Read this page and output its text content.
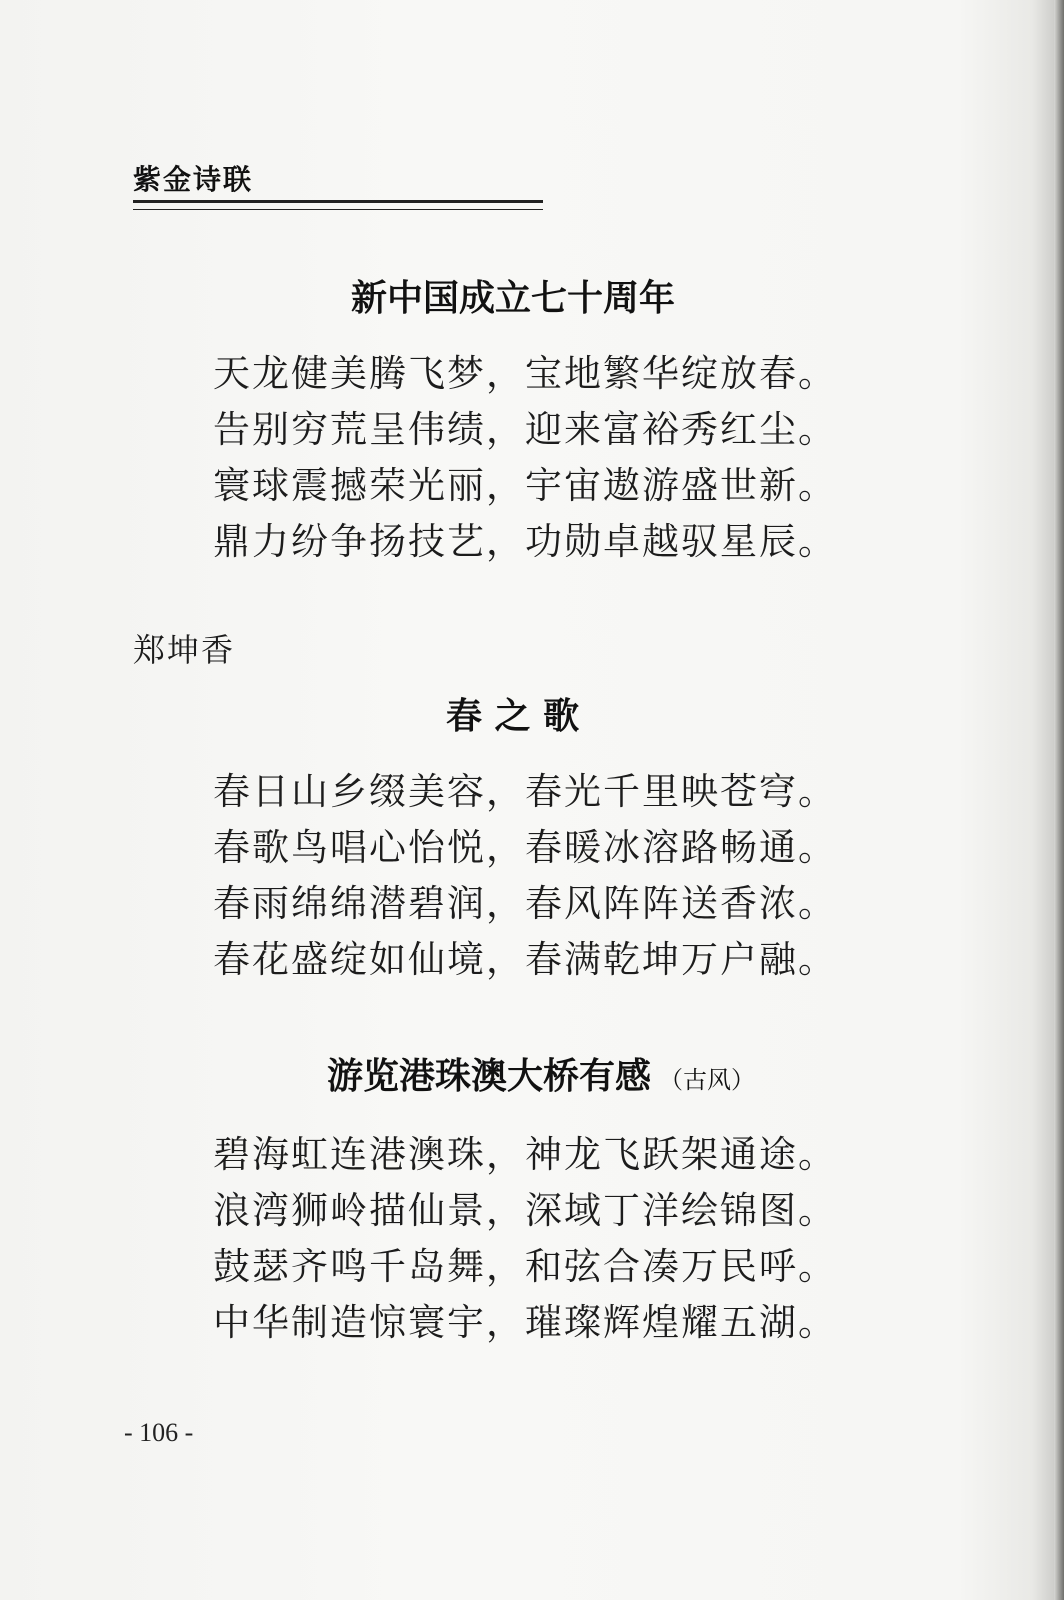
紫金诗联
新中国成立七十周年
天龙健美腾飞梦，宝地繁华绽放春。
告别穷荒呈伟绩，迎来富裕秀红尘。
寰球震撼荣光丽，宇宙遨游盛世新。
鼎力纷争扬技艺，功勋卓越驭星辰。
郑坤香
春 之 歌
春日山乡缀美容，春光千里映苍穹。
春歌鸟唱心怡悦，春暖冰溶路畅通。
春雨绵绵潜碧润，春风阵阵送香浓。
春花盛绽如仙境，春满乾坤万户融。
游览港珠澳大桥有感 （古风）
碧海虹连港澳珠，神龙飞跃架通途。
浪湾狮岭描仙景，深域丁洋绘锦图。
鼓瑟齐鸣千岛舞，和弦合凑万民呼。
中华制造惊寰宇，璀璨辉煌耀五湖。
- 106 -
